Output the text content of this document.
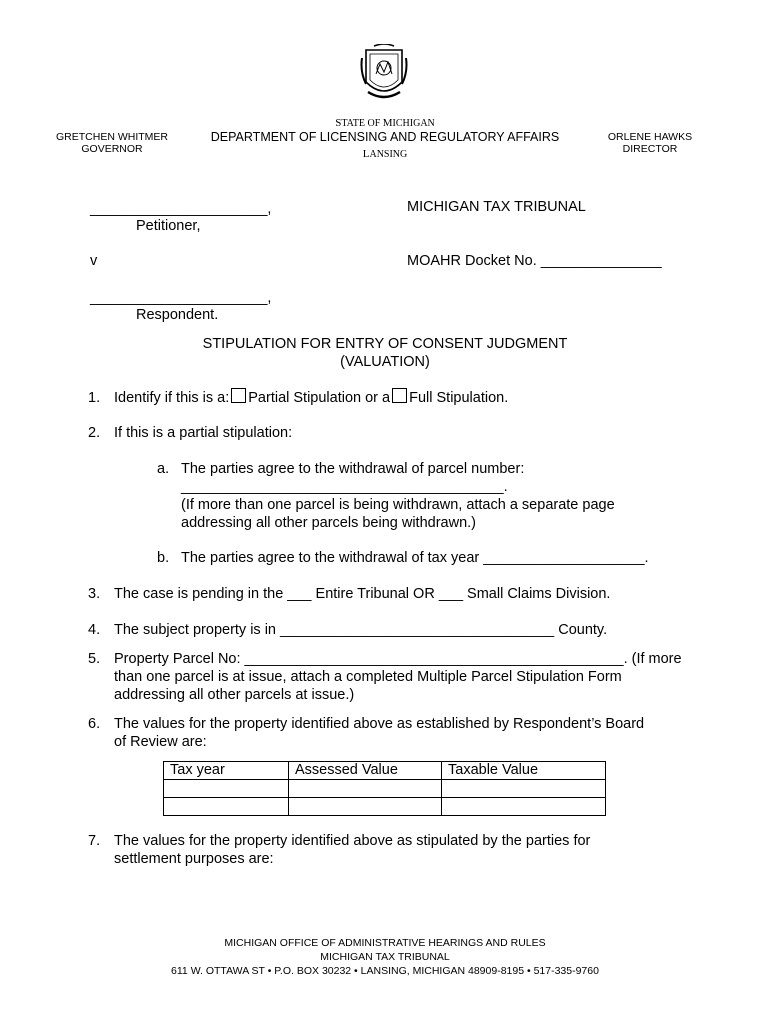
STATE OF MICHIGAN
DEPARTMENT OF LICENSING AND REGULATORY AFFAIRS
LANSING
GRETCHEN WHITMER
GOVERNOR
ORLENE HAWKS
DIRECTOR
______________________,
Petitioner,
MICHIGAN TAX TRIBUNAL
v	MOAHR Docket No. _______________
______________________,
Respondent.
STIPULATION FOR ENTRY OF CONSENT JUDGMENT
(VALUATION)
1. Identify if this is a: Partial Stipulation or a Full Stipulation.
2. If this is a partial stipulation:
a. The parties agree to the withdrawal of parcel number:
________________________________________.
(If more than one parcel is being withdrawn, attach a separate page
addressing all other parcels being withdrawn.)
b. The parties agree to the withdrawal of tax year ____________________.
3. The case is pending in the ___ Entire Tribunal OR ___ Small Claims Division.
4. The subject property is in __________________________________ County.
5. Property Parcel No: _______________________________________________. (If more
than one parcel is at issue, attach a completed Multiple Parcel Stipulation Form
addressing all other parcels at issue.)
6. The values for the property identified above as established by Respondent’s Board
of Review are:
Tax year	Assessed Value	Taxable Value

7. The values for the property identified above as stipulated by the parties for
settlement purposes are:
MICHIGAN OFFICE OF ADMINISTRATIVE HEARINGS AND RULES
MICHIGAN TAX TRIBUNAL
611 W. OTTAWA ST • P.O. BOX 30232 • LANSING, MICHIGAN 48909-8195 • 517-335-9760
